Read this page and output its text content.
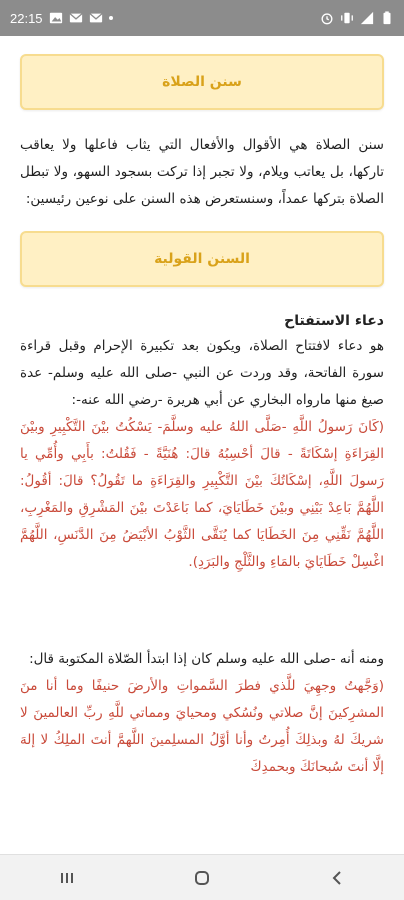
22:15
سنن الصلاة

سنن الصلاة هي الأقوال والأفعال التي يثاب فاعلها ولا يعاقب تاركها، بل يعاتب ويلام، ولا تجبر إذا تركت بسجود السهو، ولا تبطل الصلاة بتركها عمداً، وسنستعرض هذه السنن على نوعين رئيسين:

السنن القولية
دعاء الاستفتاح

هو دعاء لافتتاح الصلاة، ويكون بعد تكبيرة الإحرام وقبل قراءة سورة الفاتحة، وقد وردت عن النبي -صلى الله عليه وسلم- عدة صيغ منها مارواه البخاري عن أبي هريرة -رضي الله عنه-:

(كَانَ رَسولُ اللَّهِ -صَلَّى اللهُ عليه وسلَّمَ- يَسْكُتُ بيْنَ التَّكْبِيرِ وبيْنَ القِرَاءَةِ إسْكَاتَةً - قالَ أحْسِبُهُ قالَ: هُنَيَّةً - فَقُلتُ: بأَبِي وأُمِّي يا رَسولَ اللَّهِ، إسْكَاتُكَ بيْنَ التَّكْبِيرِ والقِرَاءَةِ ما تَقُولُ؟ قالَ: أقُولُ: اللَّهُمَّ بَاعِدْ بَيْنِي وبيْنَ خَطَايَايَ، كما بَاعَدْتَ بيْنَ المَشْرِقِ والمَغْرِبِ، اللَّهُمَّ نَقِّنِي مِنَ الخَطَايَا كما يُنَقَّى الثَّوْبُ الأبْيَضُ مِنَ الدَّنَسِ، اللَّهُمَّ اغْسِلْ خَطَايَايَ بالمَاءِ والثَّلْجِ والبَرَدِ).

ومنه أنه -صلى الله عليه وسلم كان إذا ابتدأ الصّلاة المكتوبة قال:

(وَجَّهتُ وجهِيَ للَّذي فطرَ السَّمواتِ والأرضَ حنيفًا وما أنا منَ المشرِكينَ إنَّ صلاتي ونُسُكي ومحيايَ ومماتي للَّهِ ربِّ العالمينَ لا شريكَ لهُ وبذلِكَ أُمِرتُ وأنا أوَّلُ المسلِمينَ اللَّهمَّ أنتَ الملِكُ لا إلهَ إلَّا أنتَ سُبحانَكَ وبحمدِكَ
